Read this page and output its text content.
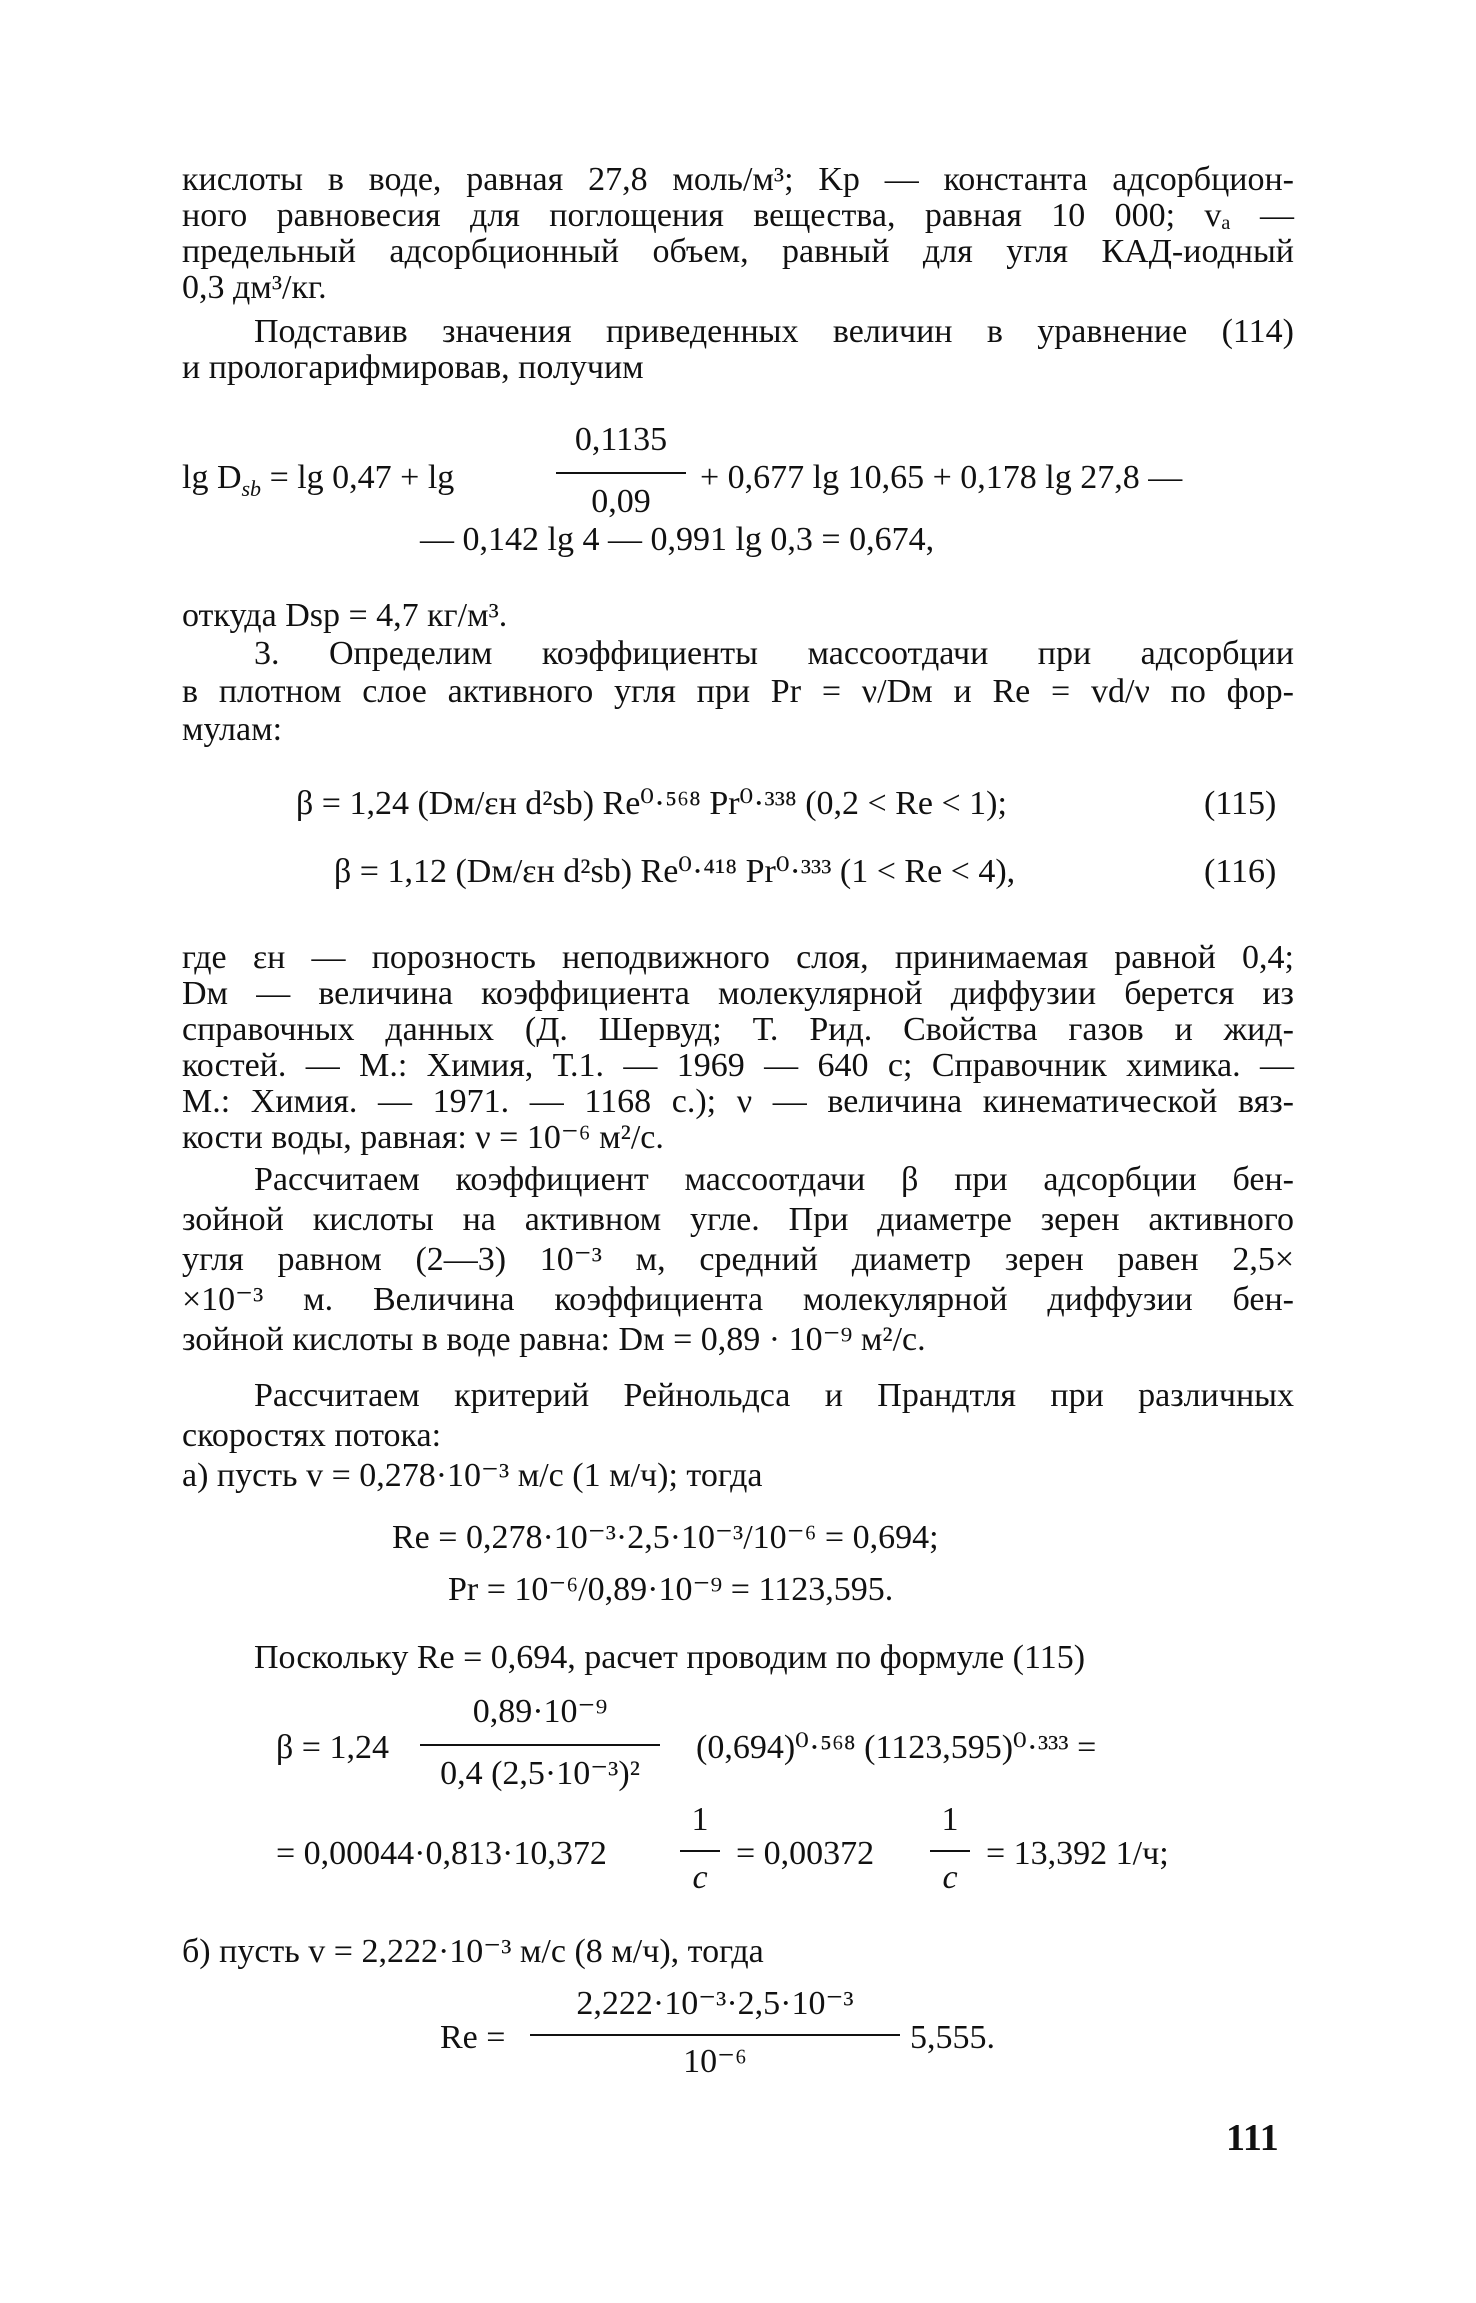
кислоты в воде, равная 27,8 моль/м³; Kр — константа адсорбцион-
ного равновесия для поглощения вещества, равная 10 000; vₐ —
предельный адсорбционный объем, равный для угля КАД-иодный
0,3 дм³/кг.
Подставив значения приведенных величин в уравнение (114)
и прологарифмировав, получим
$\lg D_{sb} = \lg 0,47 + \lg$
0,1135
0,09
+ 0,677 lg 10,65 + 0,178 lg 27,8 —
— 0,142 lg 4 — 0,991 lg 0,3 = 0,674,
откуда Dsp = 4,7 кг/м³.
3. Определим коэффициенты массоотдачи при адсорбции
в плотном слое активного угля при Pr = ν/Dм и Re = vd/ν по фор-
мулам:
β = 1,24 (Dм/εн d²sb) Re⁰·⁵⁶⁸ Pr⁰·³³⁸ (0,2 < Re < 1);	(115)
β = 1,12 (Dм/εн d²sb) Re⁰·⁴¹⁸ Pr⁰·³³³ (1 < Re < 4),	(116)
где εн — порозность неподвижного слоя, принимаемая равной 0,4;
Dм — величина коэффициента молекулярной диффузии берется из
справочных данных (Д. Шервуд; Т. Рид. Свойства газов и жид-
костей. — М.: Химия, Т.1. — 1969 — 640 с; Справочник химика. —
М.: Химия. — 1971. — 1168 с.); ν — величина кинематической вяз-
кости воды, равная: ν = 10⁻⁶ м²/с.
Рассчитаем коэффициент массоотдачи β при адсорбции бен-
зойной кислоты на активном угле. При диаметре зерен активного
угля равном (2—3) 10⁻³ м, средний диаметр зерен равен 2,5×
×10⁻³ м. Величина коэффициента молекулярной диффузии бен-
зойной кислоты в воде равна: Dм = 0,89 · 10⁻⁹ м²/с.
Рассчитаем критерий Рейнольдса и Прандтля при различных
скоростях потока:
а) пусть v = 0,278·10⁻³ м/с (1 м/ч); тогда
Re = 0,278·10⁻³·2,5·10⁻³/10⁻⁶ = 0,694;
Pr = 10⁻⁶/0,89·10⁻⁹ = 1123,595.
Поскольку Re = 0,694, расчет проводим по формуле (115)
β = 1,24
0,89·10⁻⁹
0,4 (2,5·10⁻³)²
(0,694)⁰·⁵⁶⁸ (1123,595)⁰·³³³ =
= 0,00044·0,813·10,372
1
c
= 0,00372
1
c
= 13,392 1/ч;
б) пусть v = 2,222·10⁻³ м/с (8 м/ч), тогда
Re =
2,222·10⁻³·2,5·10⁻³
10⁻⁶
5,555.
111
